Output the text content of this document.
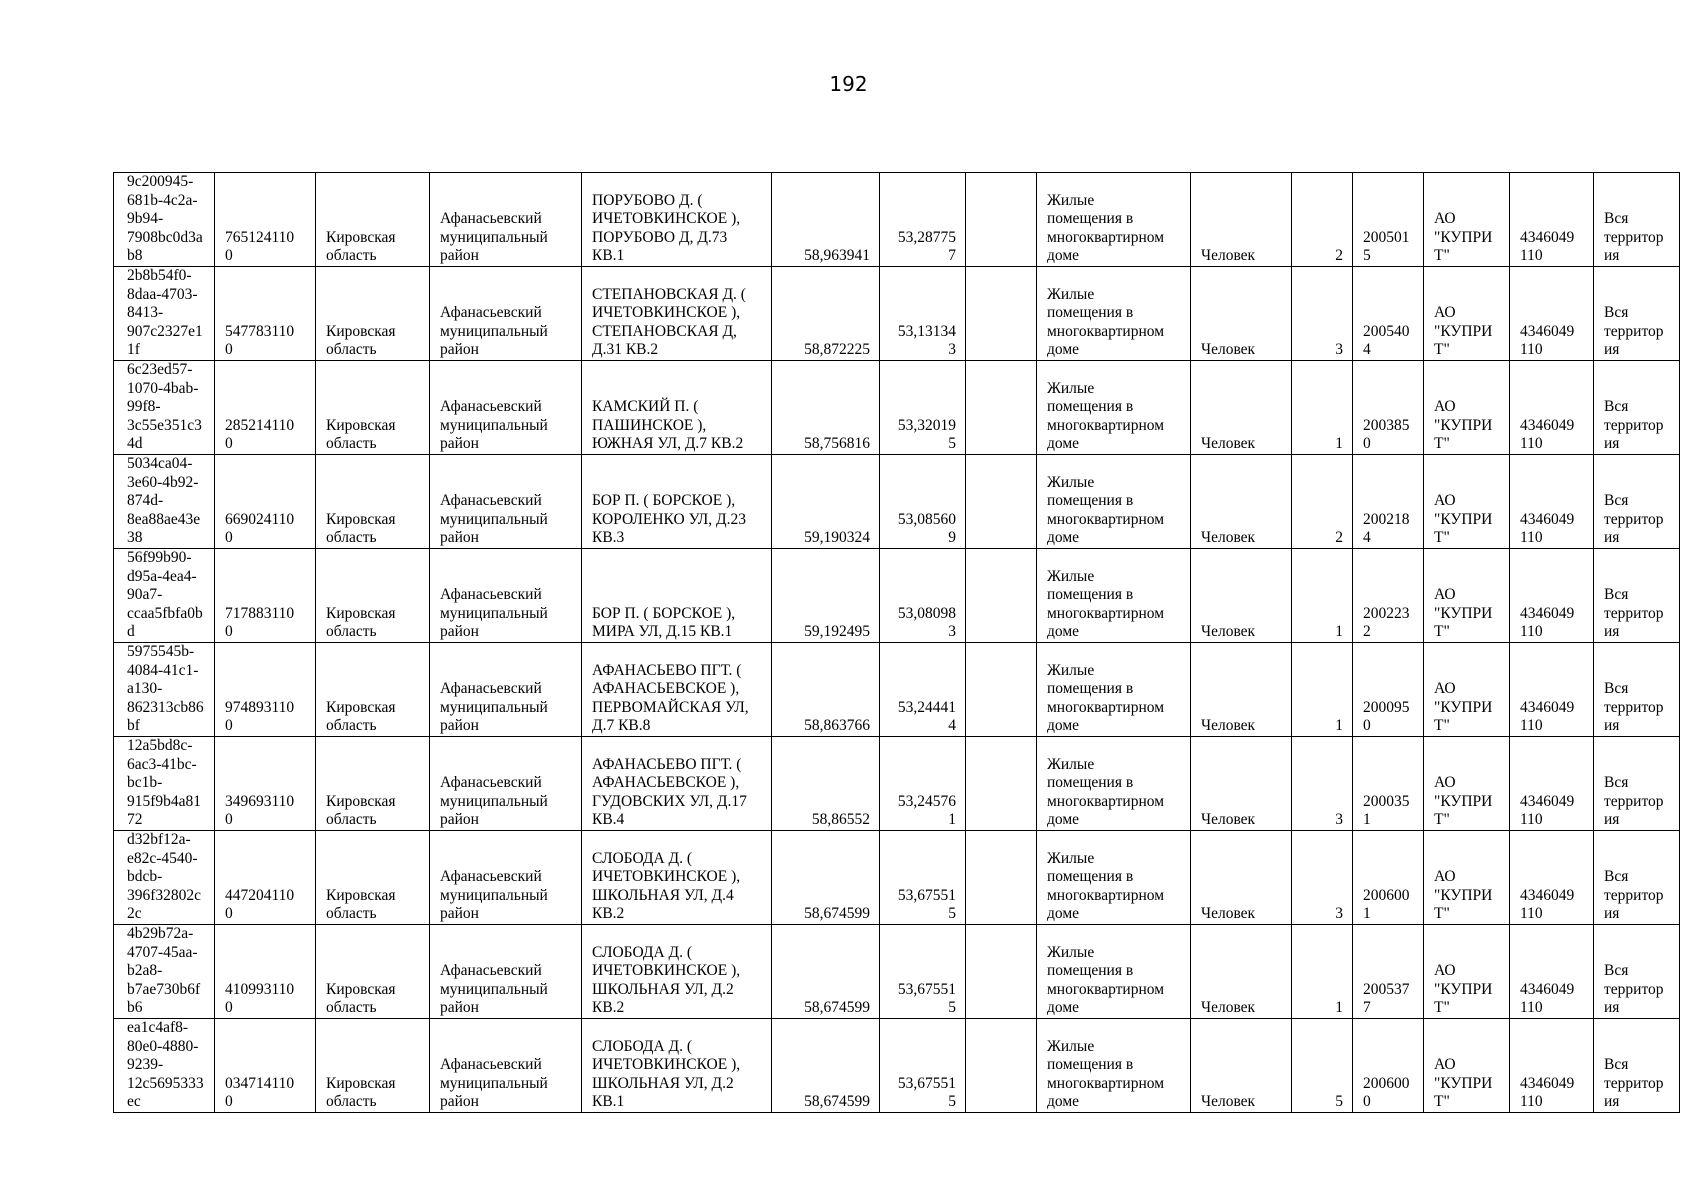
192
9c200945-
681b-4c2a-
9b94-
7908bc0d3a
b8	765124110
0	Кировская
область	Афанасьевский
муниципальный
район	ПОРУБОВО Д. (
ИЧЕТОВКИНСКОЕ ),
ПОРУБОВО Д, Д.73
КВ.1	58,963941	53,28775
7		Жилые
помещения в
многоквартирном
доме	Человек	2	200501
5	АО
"КУПРИ
Т"	4346049
110	Вся
территор
ия
2b8b54f0-
8daa-4703-
8413-
907c2327e1
1f	547783110
0	Кировская
область	Афанасьевский
муниципальный
район	СТЕПАНОВСКАЯ Д. (
ИЧЕТОВКИНСКОЕ ),
СТЕПАНОВСКАЯ Д,
Д.31 КВ.2	58,872225	53,13134
3		Жилые
помещения в
многоквартирном
доме	Человек	3	200540
4	АО
"КУПРИ
Т"	4346049
110	Вся
территор
ия
6c23ed57-
1070-4bab-
99f8-
3c55e351c3
4d	285214110
0	Кировская
область	Афанасьевский
муниципальный
район	КАМСКИЙ П. (
ПАШИНСКОЕ ),
ЮЖНАЯ УЛ, Д.7 КВ.2	58,756816	53,32019
5		Жилые
помещения в
многоквартирном
доме	Человек	1	200385
0	АО
"КУПРИ
Т"	4346049
110	Вся
территор
ия
5034ca04-
3e60-4b92-
874d-
8ea88ae43e
38	669024110
0	Кировская
область	Афанасьевский
муниципальный
район	БОР П. ( БОРСКОЕ ),
КОРОЛЕНКО УЛ, Д.23
КВ.3	59,190324	53,08560
9		Жилые
помещения в
многоквартирном
доме	Человек	2	200218
4	АО
"КУПРИ
Т"	4346049
110	Вся
территор
ия
56f99b90-
d95a-4ea4-
90a7-
ccaa5fbfa0b
d	717883110
0	Кировская
область	Афанасьевский
муниципальный
район	БОР П. ( БОРСКОЕ ),
МИРА УЛ, Д.15 КВ.1	59,192495	53,08098
3		Жилые
помещения в
многоквартирном
доме	Человек	1	200223
2	АО
"КУПРИ
Т"	4346049
110	Вся
территор
ия
5975545b-
4084-41c1-
a130-
862313cb86
bf	974893110
0	Кировская
область	Афанасьевский
муниципальный
район	АФАНАСЬЕВО ПГТ. (
АФАНАСЬЕВСКОЕ ),
ПЕРВОМАЙСКАЯ УЛ,
Д.7 КВ.8	58,863766	53,24441
4		Жилые
помещения в
многоквартирном
доме	Человек	1	200095
0	АО
"КУПРИ
Т"	4346049
110	Вся
территор
ия
12a5bd8c-
6ac3-41bc-
bc1b-
915f9b4a81
72	349693110
0	Кировская
область	Афанасьевский
муниципальный
район	АФАНАСЬЕВО ПГТ. (
АФАНАСЬЕВСКОЕ ),
ГУДОВСКИХ УЛ, Д.17
КВ.4	58,86552	53,24576
1		Жилые
помещения в
многоквартирном
доме	Человек	3	200035
1	АО
"КУПРИ
Т"	4346049
110	Вся
территор
ия
d32bf12a-
e82c-4540-
bdcb-
396f32802c
2c	447204110
0	Кировская
область	Афанасьевский
муниципальный
район	СЛОБОДА Д. (
ИЧЕТОВКИНСКОЕ ),
ШКОЛЬНАЯ УЛ, Д.4
КВ.2	58,674599	53,67551
5		Жилые
помещения в
многоквартирном
доме	Человек	3	200600
1	АО
"КУПРИ
Т"	4346049
110	Вся
территор
ия
4b29b72a-
4707-45aa-
b2a8-
b7ae730b6f
b6	410993110
0	Кировская
область	Афанасьевский
муниципальный
район	СЛОБОДА Д. (
ИЧЕТОВКИНСКОЕ ),
ШКОЛЬНАЯ УЛ, Д.2
КВ.2	58,674599	53,67551
5		Жилые
помещения в
многоквартирном
доме	Человек	1	200537
7	АО
"КУПРИ
Т"	4346049
110	Вся
территор
ия
ea1c4af8-
80e0-4880-
9239-
12c5695333
ec	034714110
0	Кировская
область	Афанасьевский
муниципальный
район	СЛОБОДА Д. (
ИЧЕТОВКИНСКОЕ ),
ШКОЛЬНАЯ УЛ, Д.2
КВ.1	58,674599	53,67551
5		Жилые
помещения в
многоквартирном
доме	Человек	5	200600
0	АО
"КУПРИ
Т"	4346049
110	Вся
территор
ия
